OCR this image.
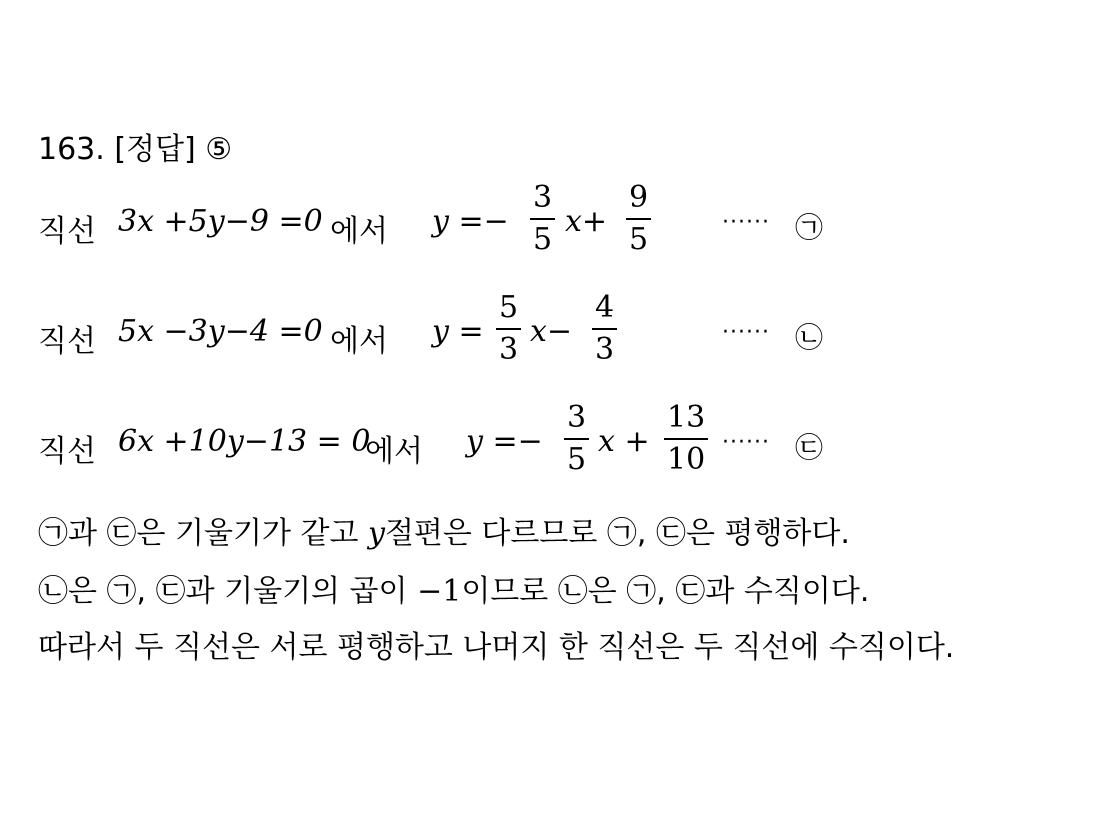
163. [정답] ⑤
직선 3x +5y−9 =0 에서 y =−
3
5 x+
9
5	······ ㉠
직선 5x −3y−4 =0 에서 y =
5
3 x−
4
3	······ ㉡
직선 6x +10y−13 = 0
에서 y =−
3
5 x +
13
10 ······ ㉢
㉠과 ㉢은 기울기가 같고 y절편은 다르므로 ㉠, ㉢은 평행하다.
㉡은 ㉠, ㉢과 기울기의 곱이 −1이므로 ㉡은 ㉠, ㉢과 수직이다.
따라서 두 직선은 서로 평행하고 나머지 한 직선은 두 직선에 수직이다.
